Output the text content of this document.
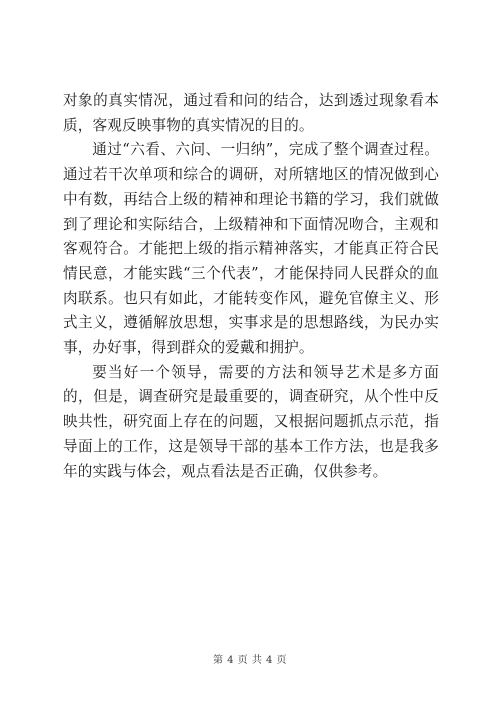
对象的真实情况，通过看和问的结合，达到透过现象看本质，客观反映事物的真实情况的目的。

通过“六看、六问、一归纳”，完成了整个调查过程。通过若干次单项和综合的调研，对所辖地区的情况做到心中有数，再结合上级的精神和理论书籍的学习，我们就做到了理论和实际结合，上级精神和下面情况吻合，主观和客观符合。才能把上级的指示精神落实，才能真正符合民情民意，才能实践“三个代表”，才能保持同人民群众的血肉联系。也只有如此，才能转变作风，避免官僚主义、形式主义，遵循解放思想，实事求是的思想路线，为民办实事，办好事，得到群众的爱戴和拥护。

要当好一个领导，需要的方法和领导艺术是多方面的，但是，调查研究是最重要的，调查研究，从个性中反映共性，研究面上存在的问题，又根据问题抓点示范，指导面上的工作，这是领导干部的基本工作方法，也是我多年的实践与体会，观点看法是否正确，仅供参考。

第 4 页 共 4 页
